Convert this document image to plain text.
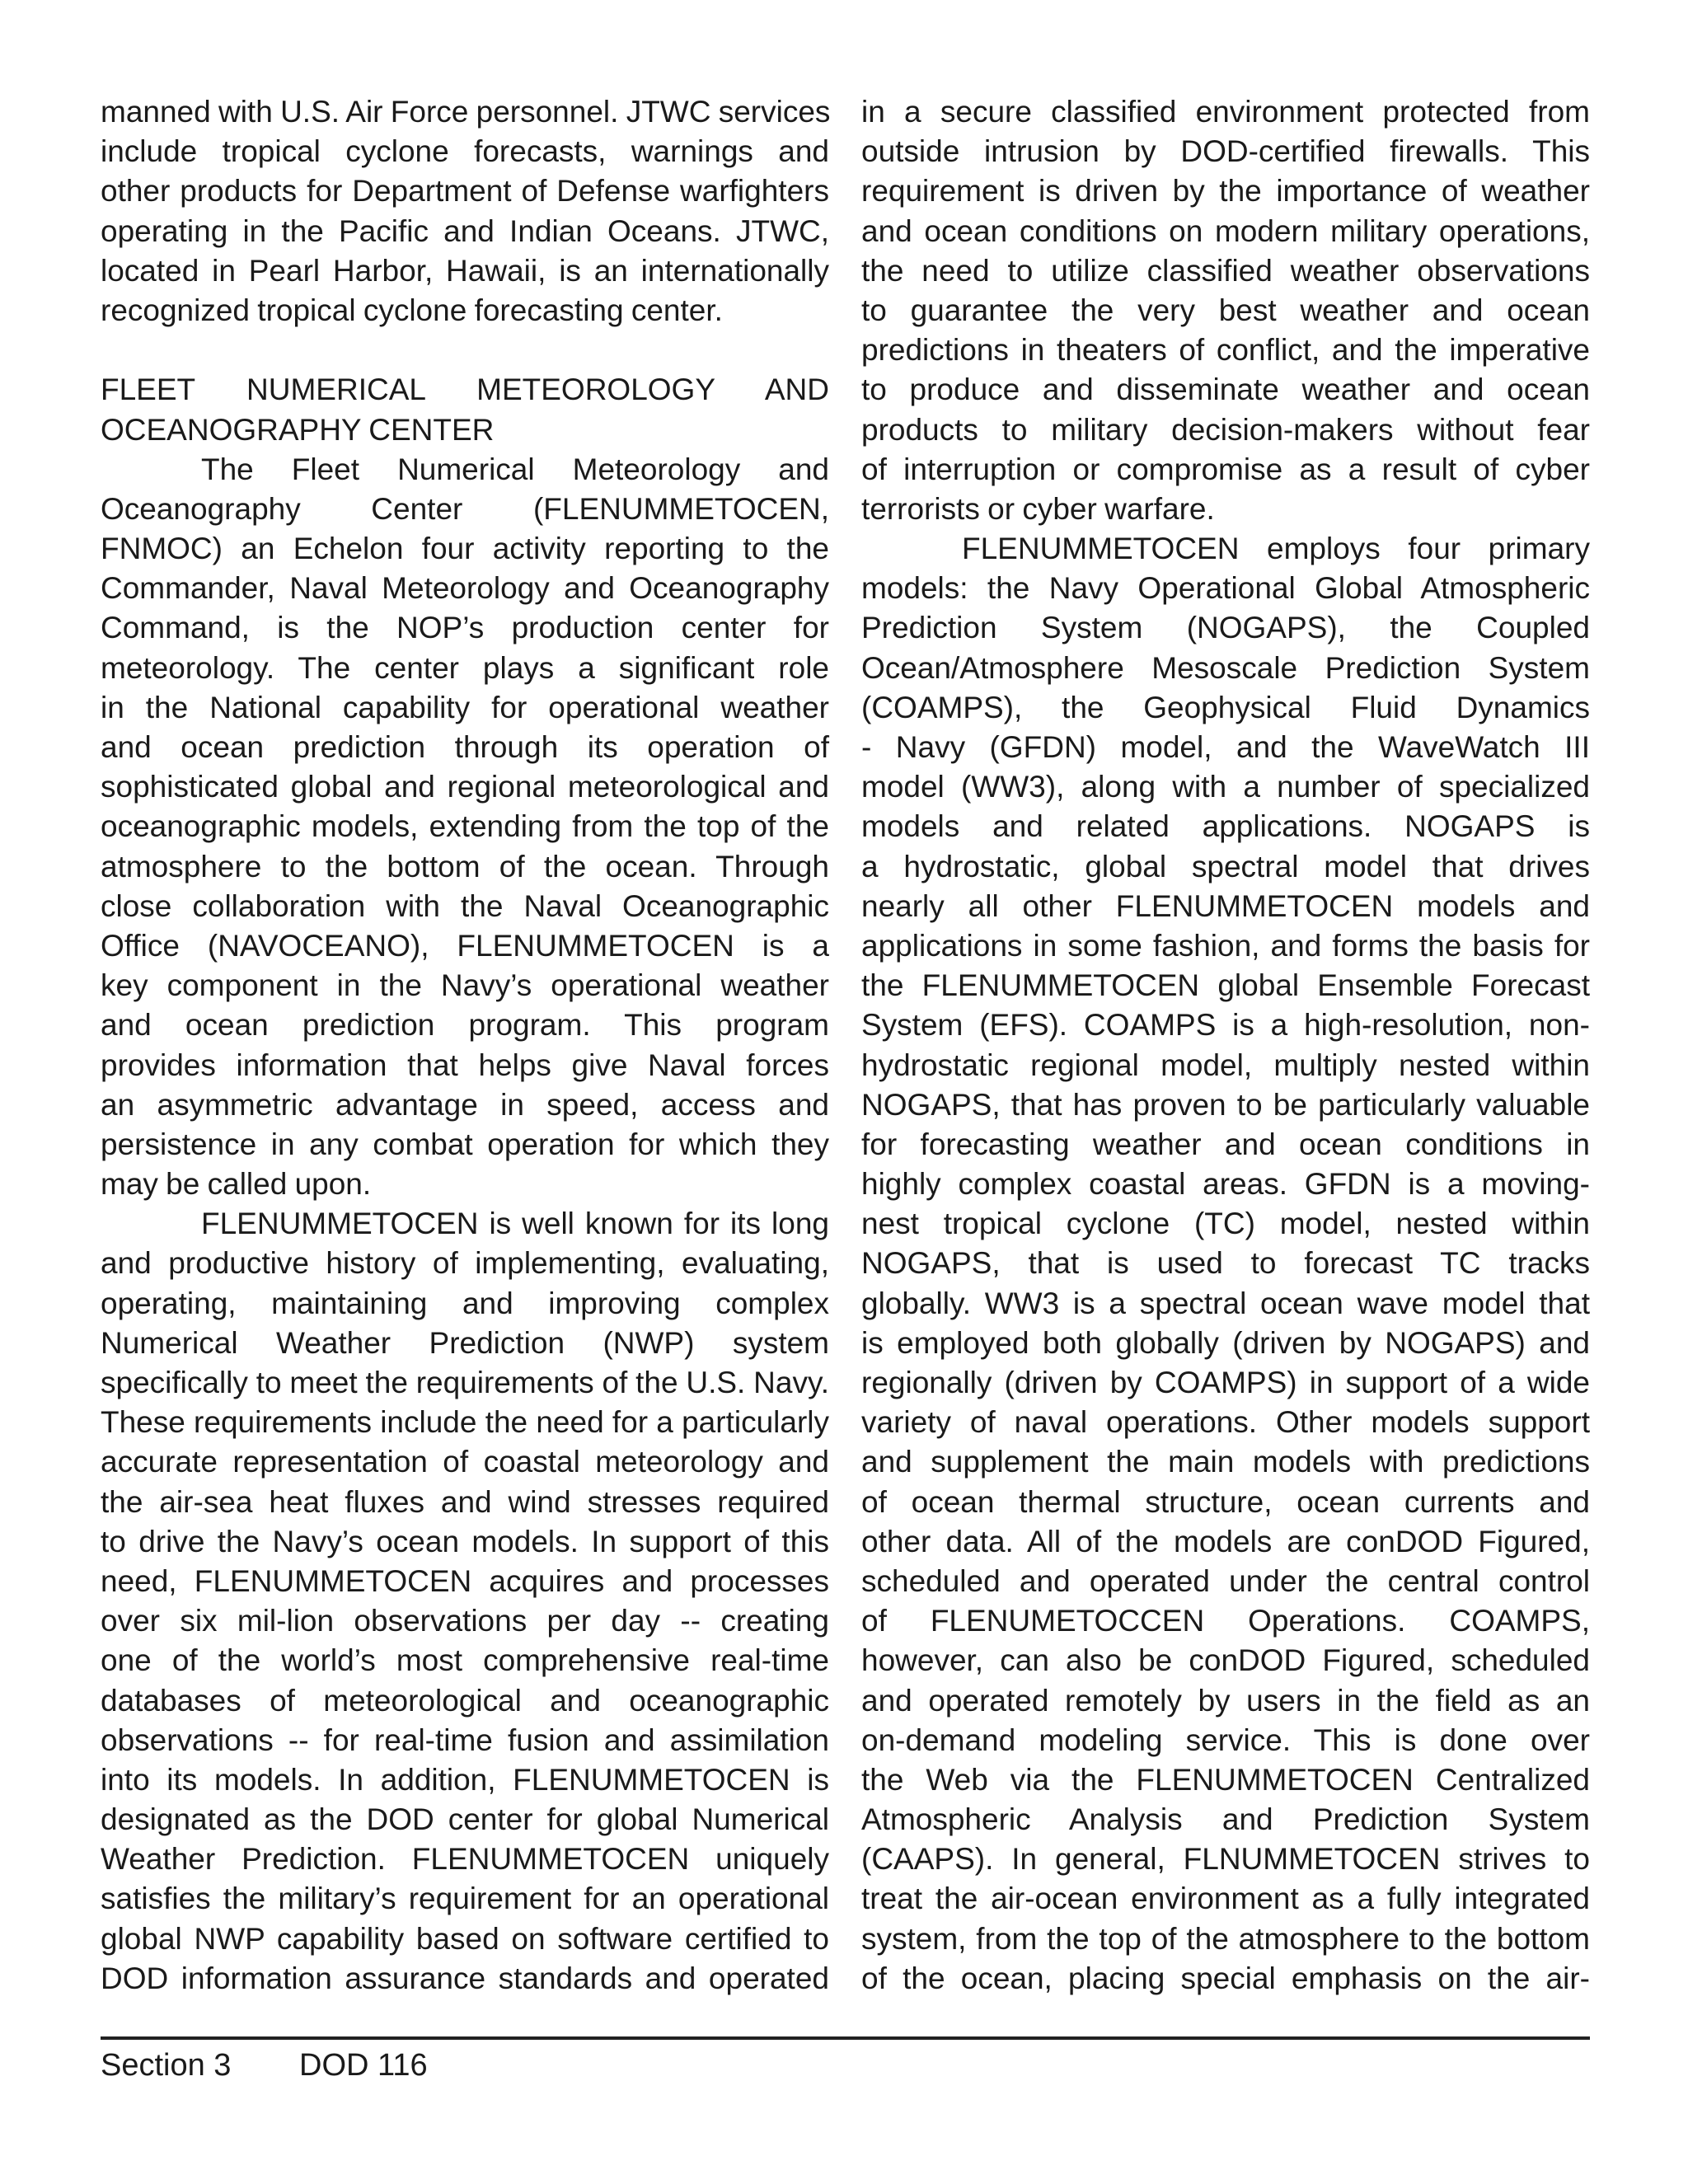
manned with U.S. Air Force personnel. JTWC services
include tropical cyclone forecasts, warnings and
other products for Department of Defense warfighters
operating in the Pacific and Indian Oceans. JTWC,
located in Pearl Harbor, Hawaii, is an internationally
recognized tropical cyclone forecasting center.
FLEET NUMERICAL METEOROLOGY AND
OCEANOGRAPHY CENTER
The Fleet Numerical Meteorology and
Oceanography Center (FLENUMMETOCEN,
FNMOC) an Echelon four activity reporting to the
Commander, Naval Meteorology and Oceanography
Command, is the NOP’s production center for
meteorology. The center plays a significant role
in the National capability for operational weather
and ocean prediction through its operation of
sophisticated global and regional meteorological and
oceanographic models, extending from the top of the
atmosphere to the bottom of the ocean. Through
close collaboration with the Naval Oceanographic
Office (NAVOCEANO), FLENUMMETOCEN is a
key component in the Navy’s operational weather
and ocean prediction program. This program
provides information that helps give Naval forces
an asymmetric advantage in speed, access and
persistence in any combat operation for which they
may be called upon.
FLENUMMETOCEN is well known for its long
and productive history of implementing, evaluating,
operating, maintaining and improving complex
Numerical Weather Prediction (NWP) system
specifically to meet the requirements of the U.S. Navy.
These requirements include the need for a particularly
accurate representation of coastal meteorology and
the air-sea heat fluxes and wind stresses required
to drive the Navy’s ocean models. In support of this
need, FLENUMMETOCEN acquires and processes
over six mil-lion observations per day -- creating
one of the world’s most comprehensive real-time
databases of meteorological and oceanographic
observations -- for real-time fusion and assimilation
into its models. In addition, FLENUMMETOCEN is
designated as the DOD center for global Numerical
Weather Prediction. FLENUMMETOCEN uniquely
satisfies the military’s requirement for an operational
global NWP capability based on software certified to
DOD information assurance standards and operated
in a secure classified environment protected from
outside intrusion by DOD-certified firewalls. This
requirement is driven by the importance of weather
and ocean conditions on modern military operations,
the need to utilize classified weather observations
to guarantee the very best weather and ocean
predictions in theaters of conflict, and the imperative
to produce and disseminate weather and ocean
products to military decision-makers without fear
of interruption or compromise as a result of cyber
terrorists or cyber warfare.
FLENUMMETOCEN employs four primary
models: the Navy Operational Global Atmospheric
Prediction System (NOGAPS), the Coupled
Ocean/Atmosphere Mesoscale Prediction System
(COAMPS), the Geophysical Fluid Dynamics
- Navy (GFDN) model, and the WaveWatch III
model (WW3), along with a number of specialized
models and related applications. NOGAPS is
a hydrostatic, global spectral model that drives
nearly all other FLENUMMETOCEN models and
applications in some fashion, and forms the basis for
the FLENUMMETOCEN global Ensemble Forecast
System (EFS). COAMPS is a high-resolution, non-
hydrostatic regional model, multiply nested within
NOGAPS, that has proven to be particularly valuable
for forecasting weather and ocean conditions in
highly complex coastal areas. GFDN is a moving-
nest tropical cyclone (TC) model, nested within
NOGAPS, that is used to forecast TC tracks
globally. WW3 is a spectral ocean wave model that
is employed both globally (driven by NOGAPS) and
regionally (driven by COAMPS) in support of a wide
variety of naval operations. Other models support
and supplement the main models with predictions
of ocean thermal structure, ocean currents and
other data. All of the models are conDOD Figured,
scheduled and operated under the central control
of FLENUMETOCCEN Operations. COAMPS,
however, can also be conDOD Figured, scheduled
and operated remotely by users in the field as an
on-demand modeling service. This is done over
the Web via the FLENUMMETOCEN Centralized
Atmospheric Analysis and Prediction System
(CAAPS). In general, FLNUMMETOCEN strives to
treat the air-ocean environment as a fully integrated
system, from the top of the atmosphere to the bottom
of the ocean, placing special emphasis on the air-
Section 3 DOD 116
